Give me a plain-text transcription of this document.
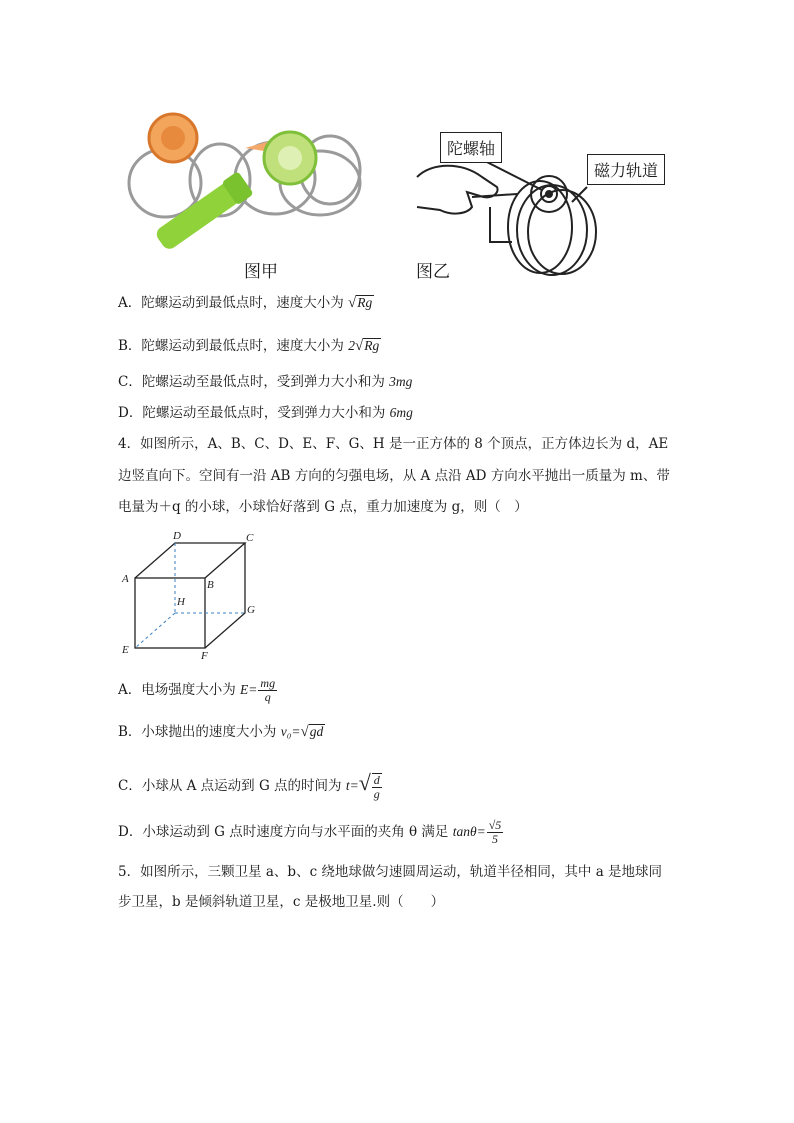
图甲
陀螺轴
磁力轨道
图乙
A．陀螺运动到最低点时，速度大小为 √Rg
B．陀螺运动到最低点时，速度大小为 2√Rg
C．陀螺运动至最低点时，受到弹力大小和为 3mg
D．陀螺运动至最低点时，受到弹力大小和为 6mg
4．如图所示，A、B、C、D、E、F、G、H 是一正方体的 8 个顶点，正方体边长为 d，AE
边竖直向下。空间有一沿 AB 方向的匀强电场，从 A 点沿 AD 方向水平抛出一质量为 m、带
电量为＋q 的小球，小球恰好落到 G 点，重力加速度为 g，则（　）
A	B
C
D
E	F
G
H
A．电场强度大小为 $E= \frac{mg}{q}$
B．小球抛出的速度大小为 v₀=√gd
C．小球从 A 点运动到 G 点的时间为 $t=√ \frac{d}{g}$
D．小球运动到 G 点时速度方向与水平面的夹角 θ 满足 $\tan\theta= \frac{√5}{5}$
5．如图所示，三颗卫星 a、b、c 绕地球做匀速圆周运动，轨道半径相同，其中 a 是地球同
步卫星，b 是倾斜轨道卫星，c 是极地卫星.则（　　）
